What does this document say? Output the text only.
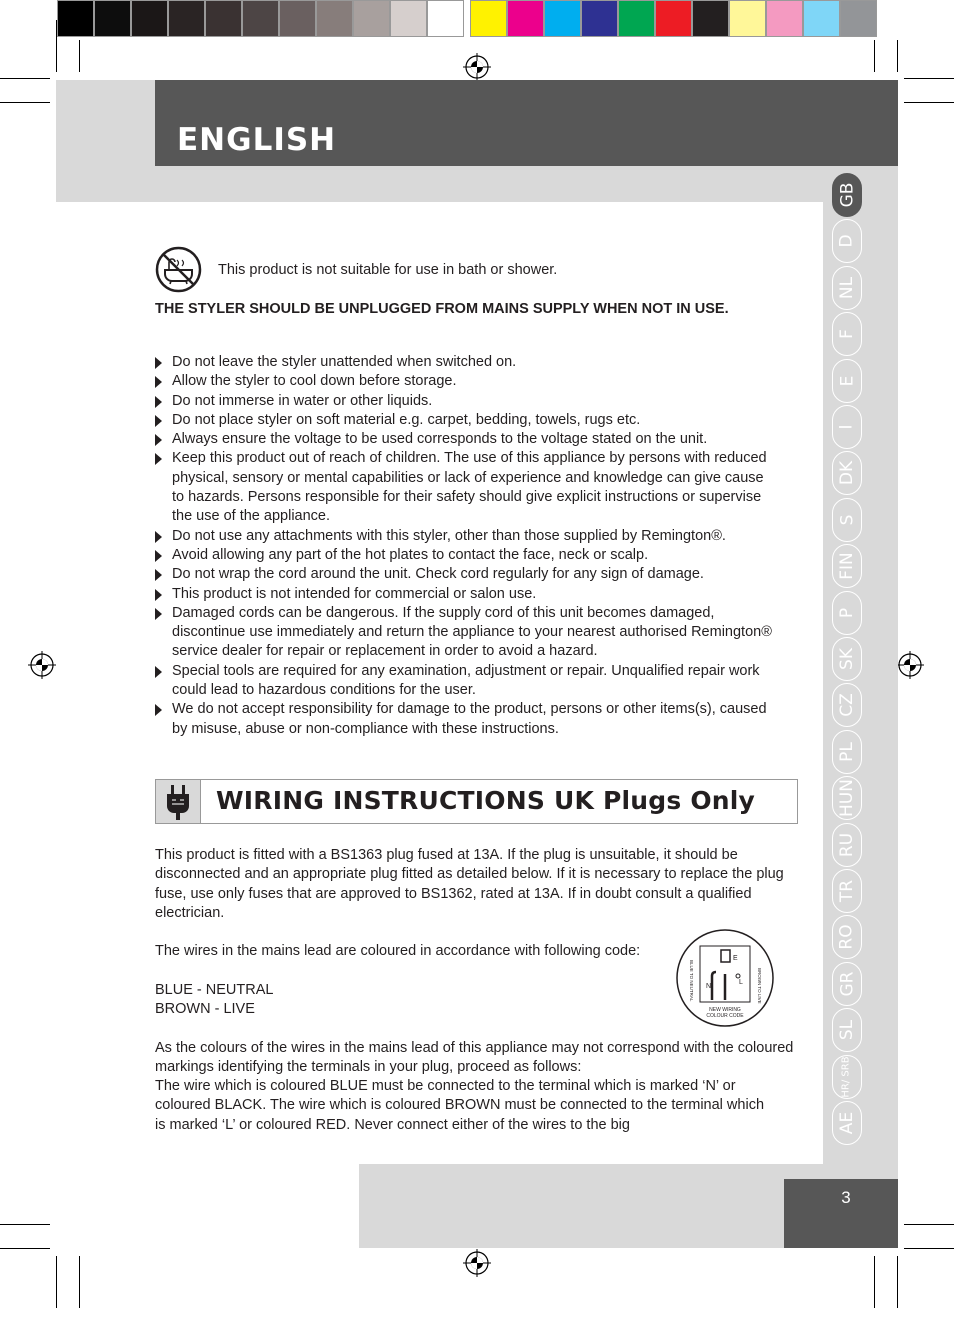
ENGLISH
GB
D
NL
F
E
I
DK
S
FIN
P
SK
CZ
PL
HUN
RU
TR
RO
GR
SL
HR/ SRB
AE
3
This product is not suitable for use in bath or shower.
THE STYLER SHOULD BE UNPLUGGED FROM MAINS SUPPLY WHEN NOT IN USE.
Do not leave the styler unattended when switched on.
Allow the styler to cool down before storage.
Do not immerse in water or other liquids.
Do not place styler on soft material e.g. carpet, bedding, towels, rugs etc.
Always ensure the voltage to be used corresponds to the voltage stated on the unit.
Keep this product out of reach of children. The use of this appliance by persons with reduced physical, sensory or mental capabilities or lack of experience and knowledge can give cause to hazards. Persons responsible for their safety should give explicit instructions or supervise the use of the appliance.
Do not use any attachments with this styler, other than those supplied by Remington®.
Avoid allowing any part of the hot plates to contact the face, neck or scalp.
Do not wrap the cord around the unit. Check cord regularly for any sign of damage.
This product is not intended for commercial or salon use.
Damaged cords can be dangerous. If the supply cord of this unit becomes damaged, discontinue use immediately and return the appliance to your nearest authorised Remington® service dealer for repair or replacement in order to avoid a hazard.
Special tools are required for any examination, adjustment or repair. Unqualified repair work could lead to hazardous conditions for the user.
We do not accept responsibility for damage to the product, persons or other items(s), caused by misuse, abuse or non-compliance with these instructions.
WIRING INSTRUCTIONS UK Plugs Only

This product is fitted with a BS1363 plug fused at 13A. If the plug is unsuitable, it should be disconnected and an appropriate plug fitted as detailed below. If it is necessary to replace the plug fuse, use only fuses that are approved to BS1362, rated at 13A. If in doubt consult a qualified electrician.

The wires in the mains lead are coloured in accordance with following code:

BLUE - NEUTRAL

BROWN - LIVE

As the colours of the wires in the mains lead of this appliance may not correspond with the coloured markings identifying the terminals in your plug, proceed as follows:

The wire which is coloured BLUE must be connected to the terminal which is marked ‘N’ or coloured BLACK. The wire which is coloured BROWN must be connected to the terminal which is marked ‘L’ or coloured RED. Never connect either of the wires to the big

E
N
L
BLUE TO NEUTRAL	BROWN TO LIVE
NEW WIRING
COLOUR CODE
